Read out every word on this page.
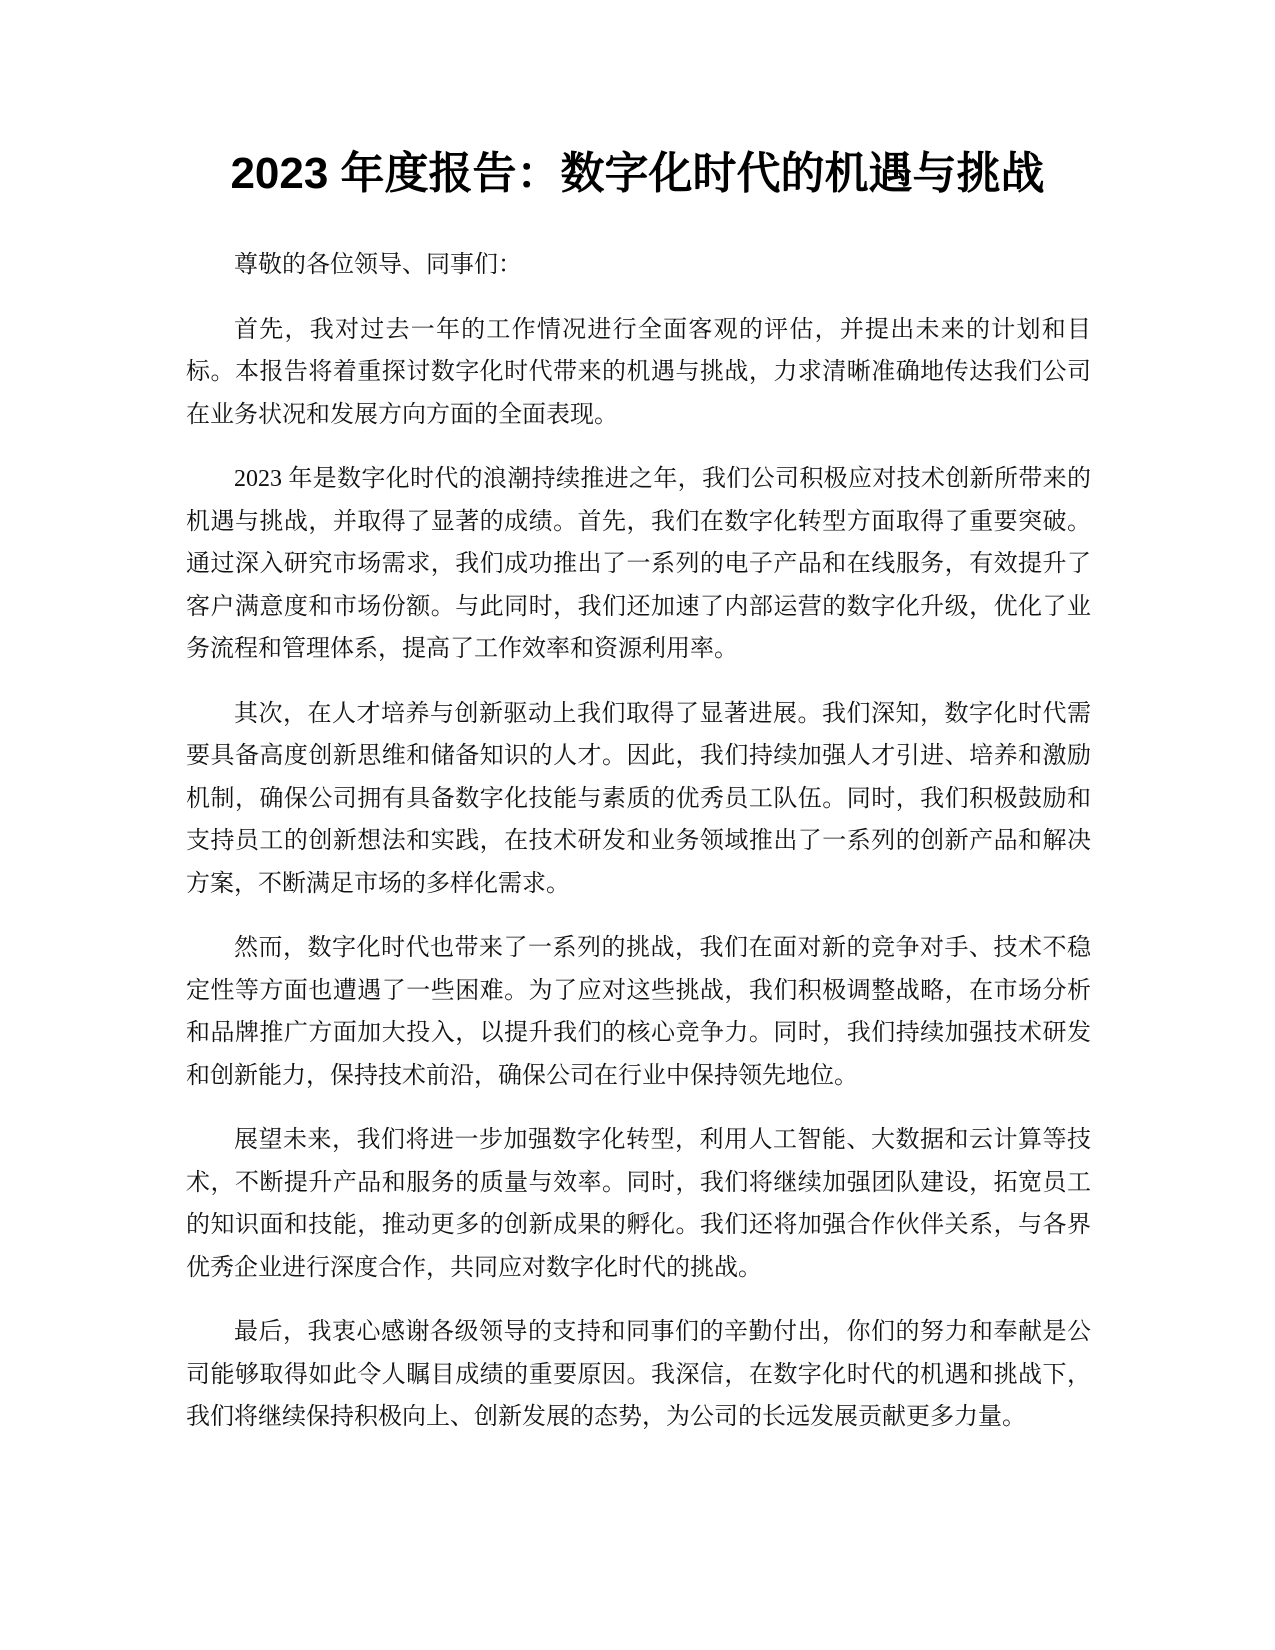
2023 年度报告：数字化时代的机遇与挑战

尊敬的各位领导、同事们：

首先，我对过去一年的工作情况进行全面客观的评估，并提出未来的计划和目标。本报告将着重探讨数字化时代带来的机遇与挑战，力求清晰准确地传达我们公司在业务状况和发展方向方面的全面表现。

2023 年是数字化时代的浪潮持续推进之年，我们公司积极应对技术创新所带来的机遇与挑战，并取得了显著的成绩。首先，我们在数字化转型方面取得了重要突破。通过深入研究市场需求，我们成功推出了一系列的电子产品和在线服务，有效提升了客户满意度和市场份额。与此同时，我们还加速了内部运营的数字化升级，优化了业务流程和管理体系，提高了工作效率和资源利用率。

其次，在人才培养与创新驱动上我们取得了显著进展。我们深知，数字化时代需要具备高度创新思维和储备知识的人才。因此，我们持续加强人才引进、培养和激励机制，确保公司拥有具备数字化技能与素质的优秀员工队伍。同时，我们积极鼓励和支持员工的创新想法和实践，在技术研发和业务领域推出了一系列的创新产品和解决方案，不断满足市场的多样化需求。

然而，数字化时代也带来了一系列的挑战，我们在面对新的竞争对手、技术不稳定性等方面也遭遇了一些困难。为了应对这些挑战，我们积极调整战略，在市场分析和品牌推广方面加大投入，以提升我们的核心竞争力。同时，我们持续加强技术研发和创新能力，保持技术前沿，确保公司在行业中保持领先地位。

展望未来，我们将进一步加强数字化转型，利用人工智能、大数据和云计算等技术，不断提升产品和服务的质量与效率。同时，我们将继续加强团队建设，拓宽员工的知识面和技能，推动更多的创新成果的孵化。我们还将加强合作伙伴关系，与各界优秀企业进行深度合作，共同应对数字化时代的挑战。

最后，我衷心感谢各级领导的支持和同事们的辛勤付出，你们的努力和奉献是公司能够取得如此令人瞩目成绩的重要原因。我深信，在数字化时代的机遇和挑战下，我们将继续保持积极向上、创新发展的态势，为公司的长远发展贡献更多力量。
